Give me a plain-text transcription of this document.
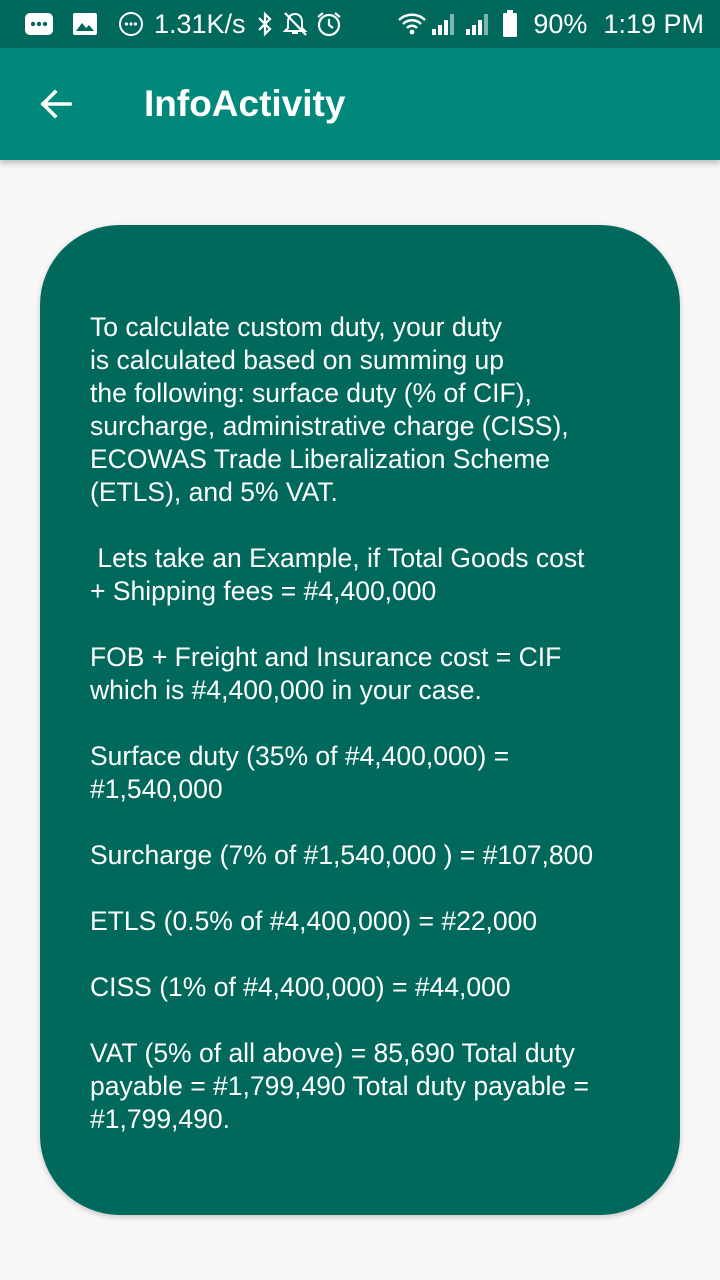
1.31K/s	90% 1:19 PM
InfoActivity
To calculate custom duty, your duty
is calculated based on summing up
the following: surface duty (% of CIF),
surcharge, administrative charge (CISS),
ECOWAS Trade Liberalization Scheme
(ETLS), and 5% VAT.

Lets take an Example, if Total Goods cost
+ Shipping fees = #4,400,000

FOB + Freight and Insurance cost = CIF
which is #4,400,000 in your case.

Surface duty (35% of #4,400,000) =
#1,540,000

Surcharge (7% of #1,540,000 ) = #107,800

ETLS (0.5% of #4,400,000) = #22,000

CISS (1% of #4,400,000) = #44,000

VAT (5% of all above) = 85,690 Total duty
payable = #1,799,490 Total duty payable =
#1,799,490.
